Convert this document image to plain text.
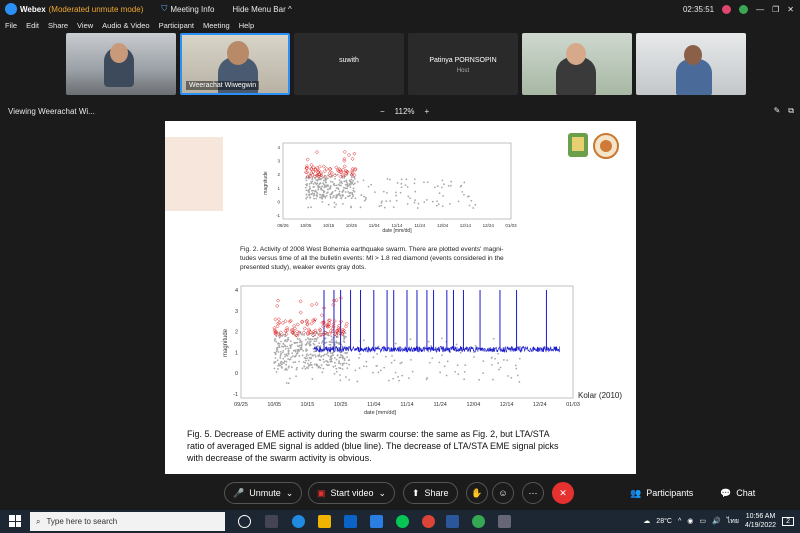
Webex (Moderated unmute mode) ⛉ Meeting Info Hide Menu Bar ^	02:35:51	— ❐ ✕
File Edit Share View Audio & Video Participant Meeting Help
Weerachat Wiwegwin
suwith	Patinya PORNSOPIN
Host
Viewing Weerachat Wi...	− 112% +	✎ ⧉
09/25	10/05	10/15	10/25	11/04	11/14	11/24	12/04	12/14	12/24	01/03
4
3
2
1
0
-1
magnitude
date [mm/dd]
Fig. 2. Activity of 2008 West Bohemia earthquake swarm. There are plotted events' magni-
tudes versus time of all the bulletin events: Ml > 1.8 red diamond (events considered in the
presented study), weaker events gray dots.
09/25	10/05	10/15	10/25	11/04	11/14	11/24	12/04	12/14	12/24	01/03
4
3
2
1
0
-1
magnitude
date [mm/dd]
Kolar (2010)
Fig. 5. Decrease of EME activity during the swarm course: the same as Fig. 2, but LTA/STA
ratio of averaged EME signal is added (blue line). The decrease of LTA/STA EME signal picks
with decrease of the swarm activity is obvious.
🎤 Unmute ⌄	▣ Start video ⌄	⬆ Share	✋ ☺ ⋯ ✕	👥 Participants	💬 Chat
⌕ Type here to search	☁ 28°C ^ ◉ ▭ 🔊 ไทย
10:56 AM
4/19/2022
2
